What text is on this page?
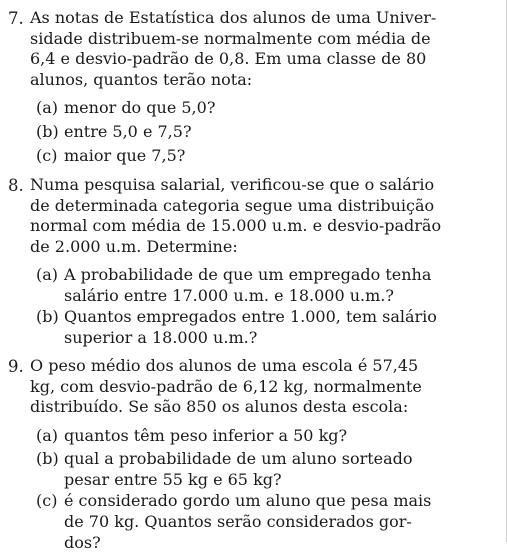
7. As notas de Estatística dos alunos de uma Univer-
sidade distribuem-se normalmente com média de
6,4 e desvio-padrão de 0,8. Em uma classe de 80
alunos, quantos terão nota:
(a) menor do que 5,0?
(b) entre 5,0 e 7,5?
(c) maior que 7,5?
8. Numa pesquisa salarial, verificou-se que o salário
de determinada categoria segue uma distribuição
normal com média de 15.000 u.m. e desvio-padrão
de 2.000 u.m. Determine:
(a) A probabilidade de que um empregado tenha
salário entre 17.000 u.m. e 18.000 u.m.?
(b) Quantos empregados entre 1.000, tem salário
superior a 18.000 u.m.?
9. O peso médio dos alunos de uma escola é 57,45
kg, com desvio-padrão de 6,12 kg, normalmente
distribuído. Se são 850 os alunos desta escola:
(a) quantos têm peso inferior a 50 kg?
(b) qual a probabilidade de um aluno sorteado
pesar entre 55 kg e 65 kg?
(c) é considerado gordo um aluno que pesa mais
de 70 kg. Quantos serão considerados gor-
dos?
